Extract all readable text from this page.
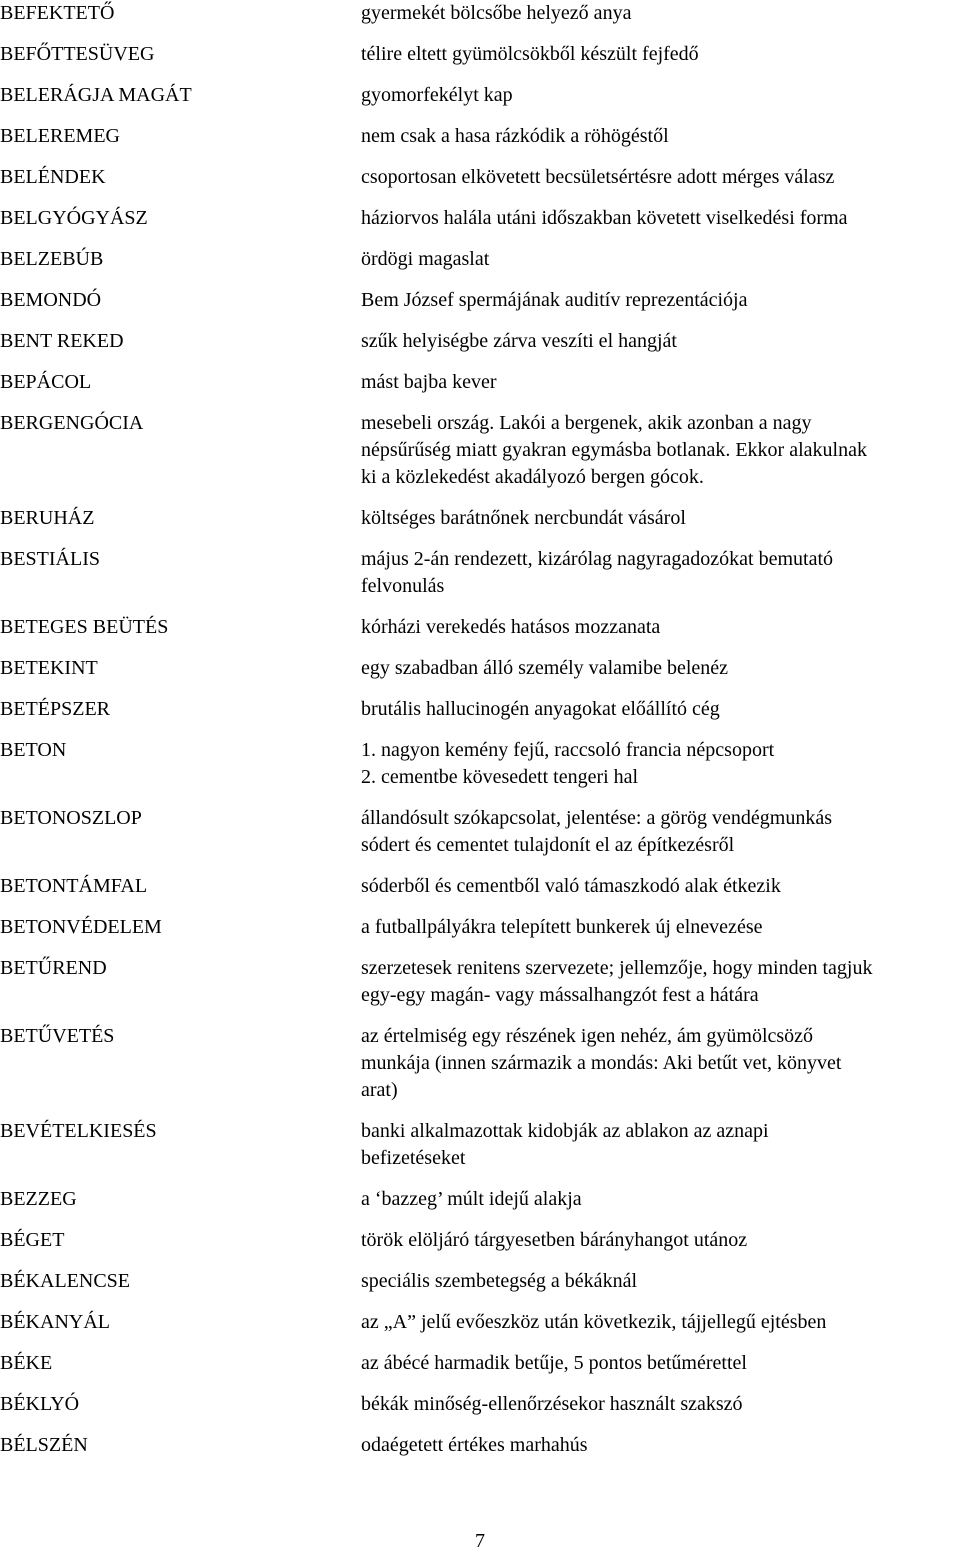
BEFEKTETŐ	gyermekét bölcsőbe helyező anya
BEFŐTTESÜVEG	télire eltett gyümölcsökből készült fejfedő
BELERÁGJA MAGÁT	gyomorfekélyt kap
BELEREMEG	nem csak a hasa rázkódik a röhögéstől
BELÉNDEK	csoportosan elkövetett becsületsértésre adott mérges válasz
BELGYÓGYÁSZ	háziorvos halála utáni időszakban követett viselkedési forma
BELZEBÚB	ördögi magaslat
BEMONDÓ	Bem József spermájának auditív reprezentációja
BENT REKED	szűk helyiségbe zárva veszíti el hangját
BEPÁCOL	mást bajba kever
BERGENGÓCIA	mesebeli ország. Lakói a bergenek, akik azonban a nagy
népsűrűség miatt gyakran egymásba botlanak. Ekkor alakulnak
ki a közlekedést akadályozó bergen gócok.
BERUHÁZ	költséges barátnőnek nercbundát vásárol
BESTIÁLIS	május 2-án rendezett, kizárólag nagyragadozókat bemutató
felvonulás
BETEGES BEÜTÉS	kórházi verekedés hatásos mozzanata
BETEKINT	egy szabadban álló személy valamibe belenéz
BETÉPSZER	brutális hallucinogén anyagokat előállító cég
BETON	1. nagyon kemény fejű, raccsoló francia népcsoport
2. cementbe kövesedett tengeri hal
BETONOSZLOP	állandósult szókapcsolat, jelentése: a görög vendégmunkás
sódert és cementet tulajdonít el az építkezésről
BETONTÁMFAL	sóderből és cementből való támaszkodó alak étkezik
BETONVÉDELEM	a futballpályákra telepített bunkerek új elnevezése
BETŰREND	szerzetesek renitens szervezete; jellemzője, hogy minden tagjuk
egy-egy magán- vagy mássalhangzót fest a hátára
BETŰVETÉS	az értelmiség egy részének igen nehéz, ám gyümölcsöző
munkája (innen származik a mondás: Aki betűt vet, könyvet
arat)
BEVÉTELKIESÉS	banki alkalmazottak kidobják az ablakon az aznapi
befizetéseket
BEZZEG	a ‘bazzeg’ múlt idejű alakja
BÉGET	török elöljáró tárgyesetben bárányhangot utánoz
BÉKALENCSE	speciális szembetegség a békáknál
BÉKANYÁL	az „A” jelű evőeszköz után következik, tájjellegű ejtésben
BÉKE	az ábécé harmadik betűje, 5 pontos betűmérettel
BÉKLYÓ	békák minőség-ellenőrzésekor használt szakszó
BÉLSZÉN	odaégetett értékes marhahús
7
